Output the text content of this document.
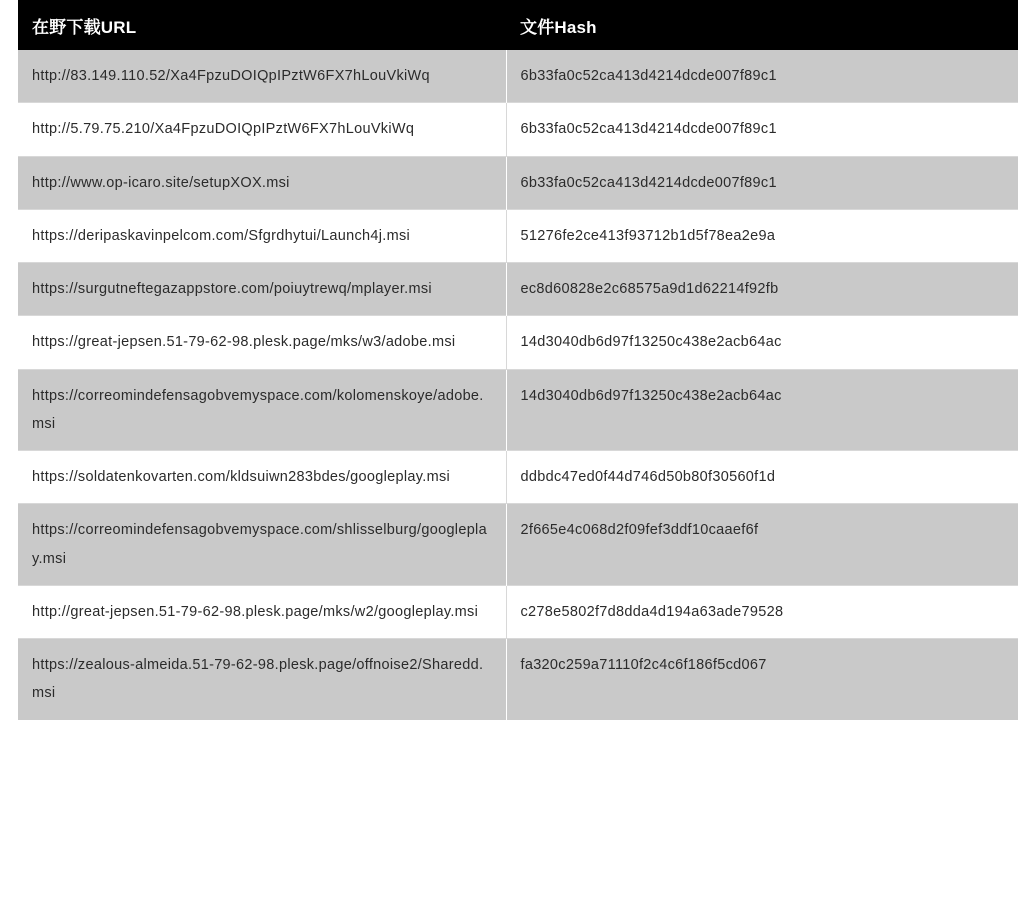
在野下载URL	文件Hash
http://83.149.110.52/Xa4FpzuDOIQpIPztW6FX7hLouVkiWq	6b33fa0c52ca413d4214dcde007f89c1
http://5.79.75.210/Xa4FpzuDOIQpIPztW6FX7hLouVkiWq	6b33fa0c52ca413d4214dcde007f89c1
http://www.op-icaro.site/setupXOX.msi	6b33fa0c52ca413d4214dcde007f89c1
https://deripaskavinpelcom.com/Sfgrdhytui/Launch4j.msi	51276fe2ce413f93712b1d5f78ea2e9a
https://surgutneftegazappstore.com/poiuytrewq/mplayer.msi	ec8d60828e2c68575a9d1d62214f92fb
https://great-jepsen.51-79-62-98.plesk.page/mks/w3/adobe.msi	14d3040db6d97f13250c438e2acb64ac
https://correomindefensagobvemyspace.com/kolomenskoye/adobe.msi	14d3040db6d97f13250c438e2acb64ac
https://soldatenkovarten.com/kldsuiwn283bdes/googleplay.msi	ddbdc47ed0f44d746d50b80f30560f1d
https://correomindefensagobvemyspace.com/shlisselburg/googleplay.msi	2f665e4c068d2f09fef3ddf10caaef6f
http://great-jepsen.51-79-62-98.plesk.page/mks/w2/googleplay.msi	c278e5802f7d8dda4d194a63ade79528
https://zealous-almeida.51-79-62-98.plesk.page/offnoise2/Sharedd.msi	fa320c259a71110f2c4c6f186f5cd067
